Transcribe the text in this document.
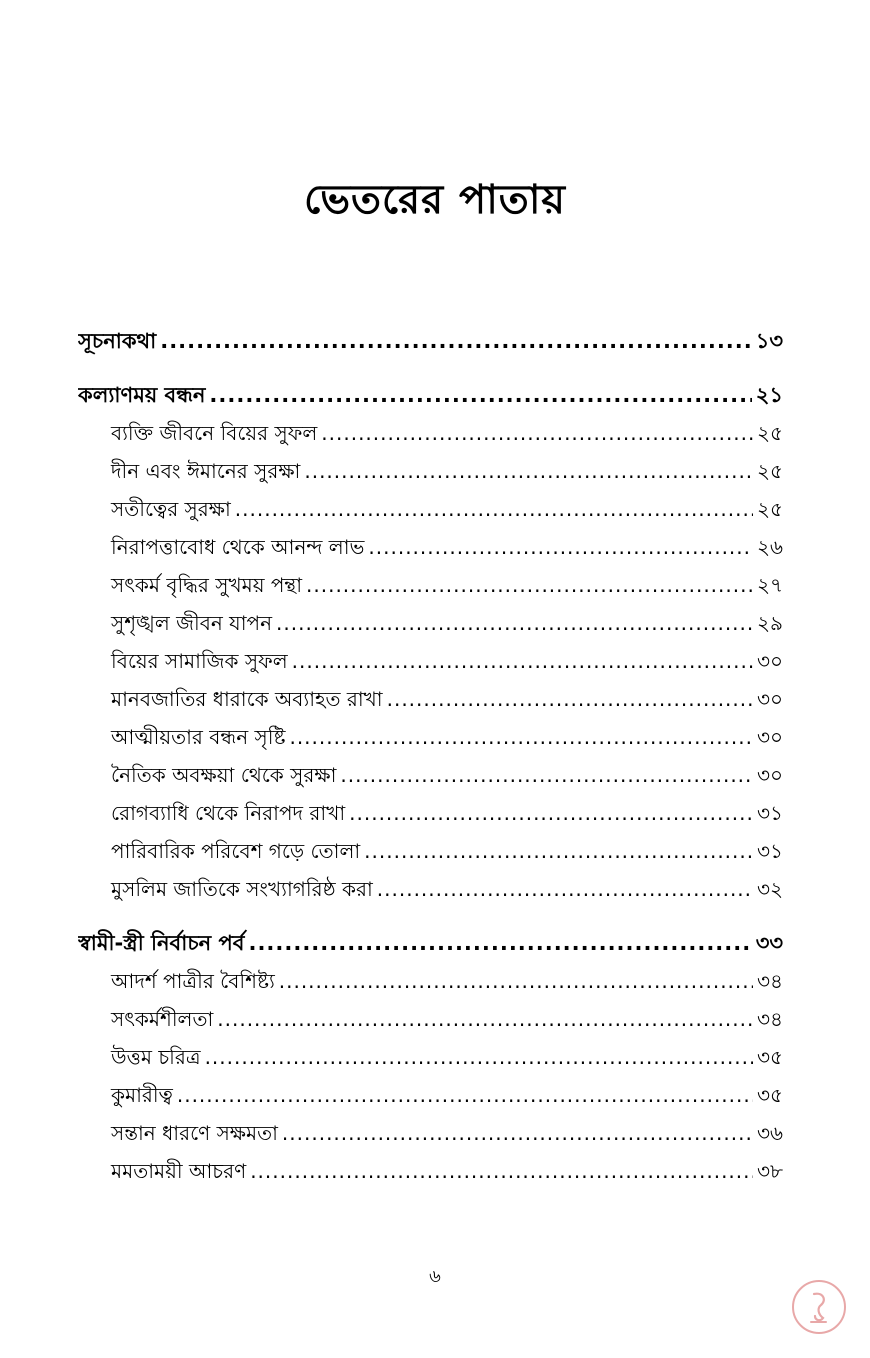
ভেতরের পাতায়
সূচনাকথা .....	১৩
কল্যাণময় বন্ধন .....	২১
ব্যক্তি জীবনে বিয়ের সুফল .....	২৫
দীন এবং ঈমানের সুরক্ষা .....	২৫
সতীত্বের সুরক্ষা .....	২৫
নিরাপত্তাবোধ থেকে আনন্দ লাভ .....	২৬
সৎকর্ম বৃদ্ধির সুখময় পন্থা .....	২৭
সুশৃঙ্খল জীবন যাপন .....	২৯
বিয়ের সামাজিক সুফল .....	৩০
মানবজাতির ধারাকে অব্যাহত রাখা .....	৩০
আত্মীয়তার বন্ধন সৃষ্টি .....	৩০
নৈতিক অবক্ষয়া থেকে সুরক্ষা .....	৩০
রোগব্যাধি থেকে নিরাপদ রাখা .....	৩১
পারিবারিক পরিবেশ গড়ে তোলা .....	৩১
মুসলিম জাতিকে সংখ্যাগরিষ্ঠ করা .....	৩২
স্বামী-স্ত্রী নির্বাচন পর্ব .....	৩৩
আদর্শ পাত্রীর বৈশিষ্ট্য .....	৩৪
সৎকর্মশীলতা .....	৩৪
উত্তম চরিত্র .....	৩৫
কুমারীত্ব .....	৩৫
সন্তান ধারণে সক্ষমতা .....	৩৬
মমতাময়ী আচরণ .....	৩৮
৬
